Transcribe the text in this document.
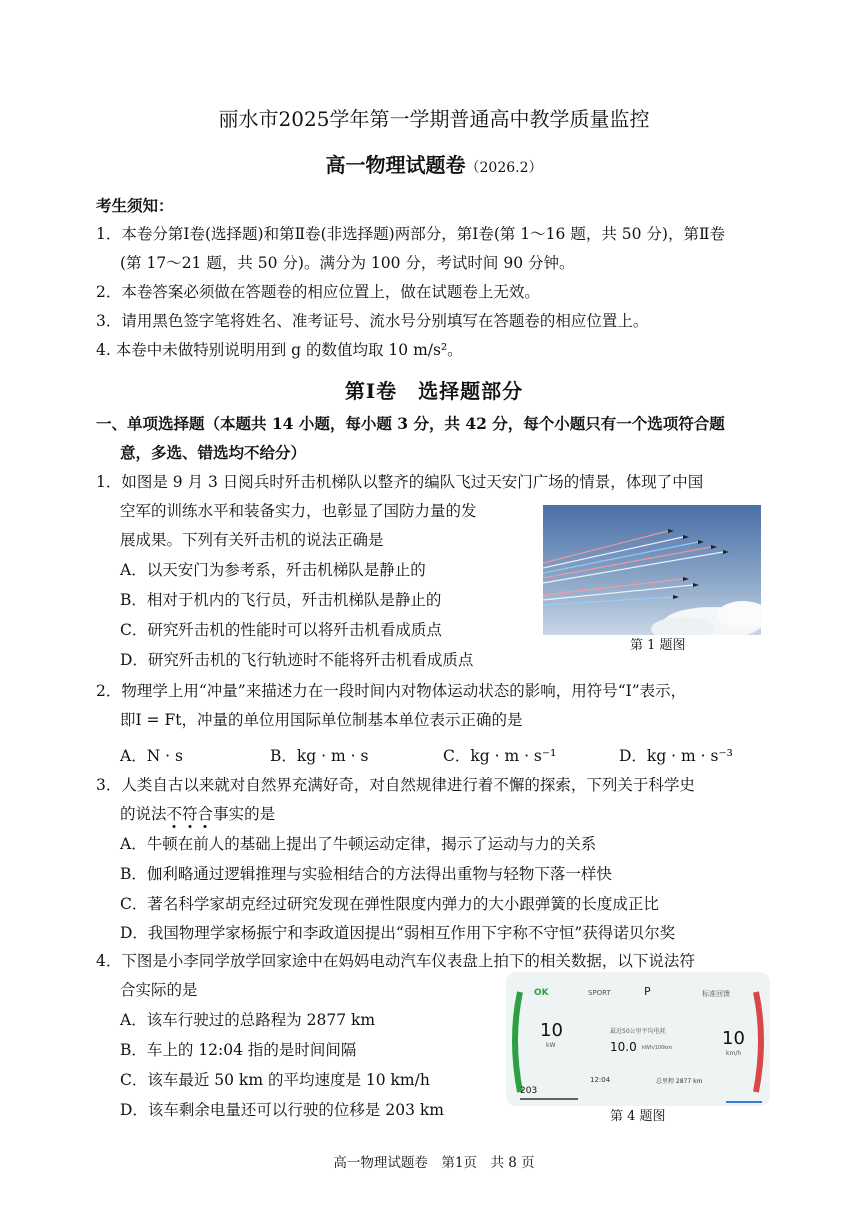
丽水市2025学年第一学期普通高中教学质量监控
高一物理试题卷（2026.2）
考生须知：
1．本卷分第Ⅰ卷(选择题)和第Ⅱ卷(非选择题)两部分，第Ⅰ卷(第 1～16 题，共 50 分)，第Ⅱ卷
(第 17～21 题，共 50 分)。满分为 100 分，考试时间 90 分钟。
2．本卷答案必须做在答题卷的相应位置上，做在试题卷上无效。
3．请用黑色签字笔将姓名、准考证号、流水号分别填写在答题卷的相应位置上。
4. 本卷中未做特别说明用到 g 的数值均取 10 m/s²。
第Ⅰ卷　选择题部分
一、单项选择题（本题共 14 小题，每小题 3 分，共 42 分，每个小题只有一个选项符合题
意，多选、错选均不给分）
1．如图是 9 月 3 日阅兵时歼击机梯队以整齐的编队飞过天安门广场的情景，体现了中国
空军的训练水平和装备实力，也彰显了国防力量的发
展成果。下列有关歼击机的说法正确是
A．以天安门为参考系，歼击机梯队是静止的
B．相对于机内的飞行员，歼击机梯队是静止的
C．研究歼击机的性能时可以将歼击机看成质点
D．研究歼击机的飞行轨迹时不能将歼击机看成质点
第 1 题图
2．物理学上用“冲量”来描述力在一段时间内对物体运动状态的影响，用符号“I”表示，
即I = Ft，冲量的单位用国际单位制基本单位表示正确的是
A．N · s	B．kg · m · s	C．kg · m · s⁻¹	D．kg · m · s⁻³
3．人类自古以来就对自然界充满好奇，对自然规律进行着不懈的探索，下列关于科学史
的说法不符合事实的是
A．牛顿在前人的基础上提出了牛顿运动定律，揭示了运动与力的关系
B．伽利略通过逻辑推理与实验相结合的方法得出重物与轻物下落一样快
C．著名科学家胡克经过研究发现在弹性限度内弹力的大小跟弹簧的长度成正比
D．我国物理学家杨振宁和李政道因提出“弱相互作用下宇称不守恒”获得诺贝尔奖
4．下图是小李同学放学回家途中在妈妈电动汽车仪表盘上拍下的相关数据，以下说法符
合实际的是
A．该车行驶过的总路程为 2877 km
B．车上的 12:04 指的是时间间隔
C．该车最近 50 km 的平均速度是 10 km/h
D．该车剩余电量还可以行驶的位移是 203 km
OK	SPORT	P	标准回馈
10
kW
最近50公里平均电耗
10.0 kWh/100km	10
km/h
12:04	总里程 2877 km
203
第 4 题图
高一物理试题卷　第1页　共 8 页
